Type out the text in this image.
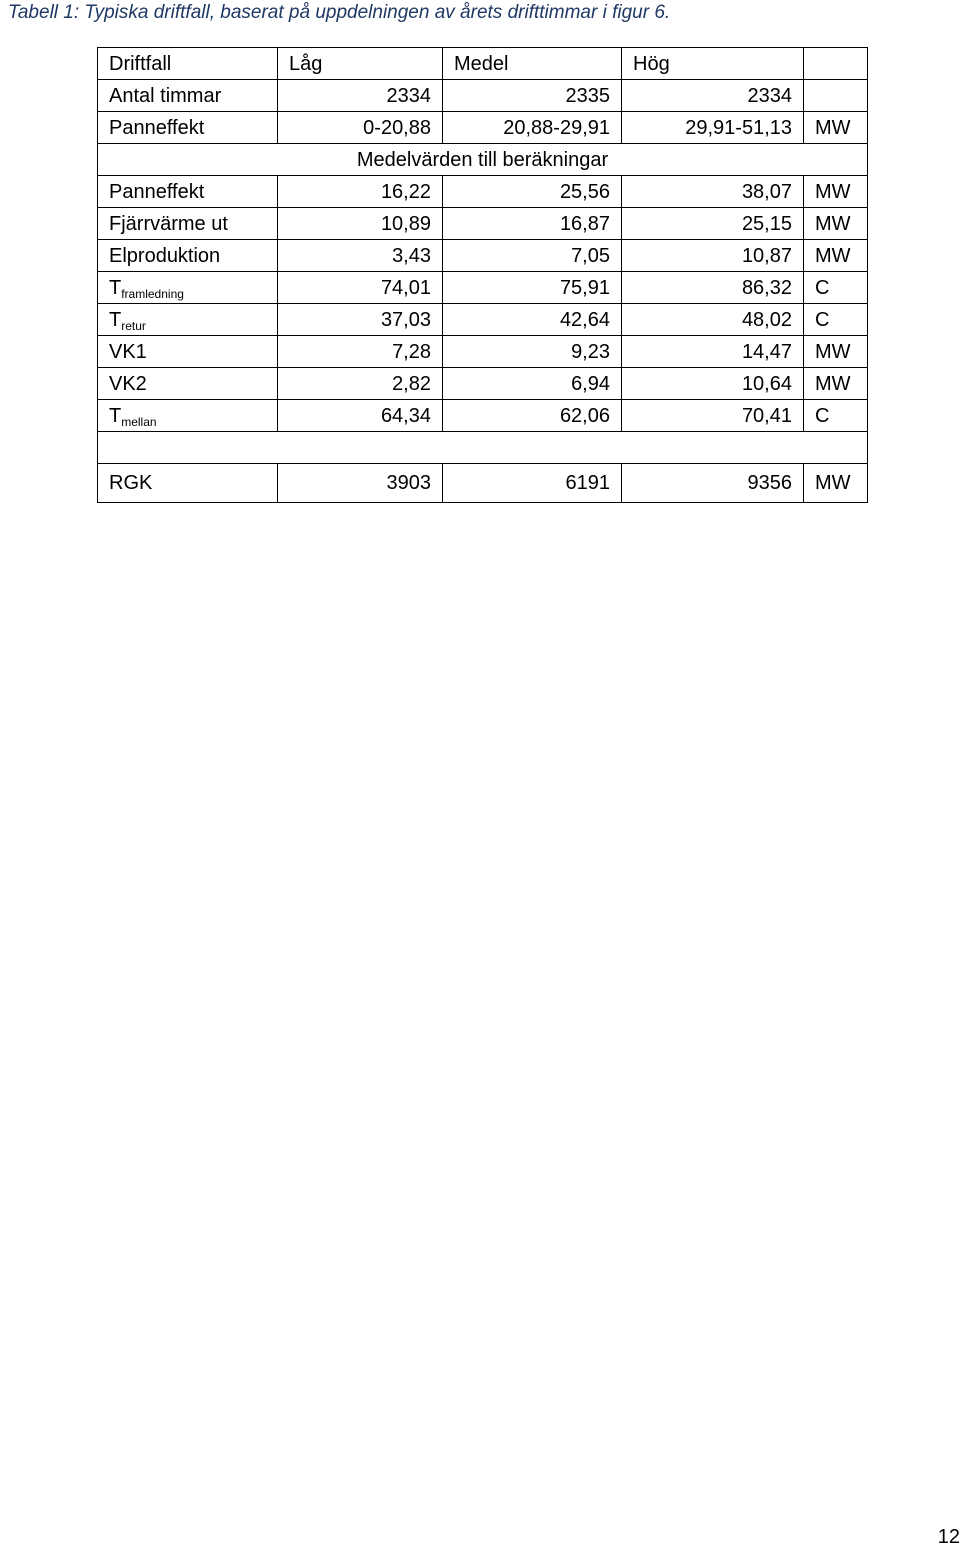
Tabell 1: Typiska driftfall, baserat på uppdelningen av årets drifttimmar i figur 6.
Driftfall	Låg	Medel	Hög	
Antal timmar	2334	2335	2334	
Panneffekt	0-20,88	20,88-29,91	29,91-51,13	MW
Medelvärden till beräkningar				
Panneffekt	16,22	25,56	38,07	MW
Fjärrvärme ut	10,89	16,87	25,15	MW
Elproduktion	3,43	7,05	10,87	MW
$T_{framledning}$	74,01	75,91	86,32	C
$T_{retur}$	37,03	42,64	48,02	C
VK1	7,28	9,23	14,47	MW
VK2	2,82	6,94	10,64	MW
$T_{mellan}$	64,34	62,06	70,41	C

RGK	3903	6191	9356	MW
12
